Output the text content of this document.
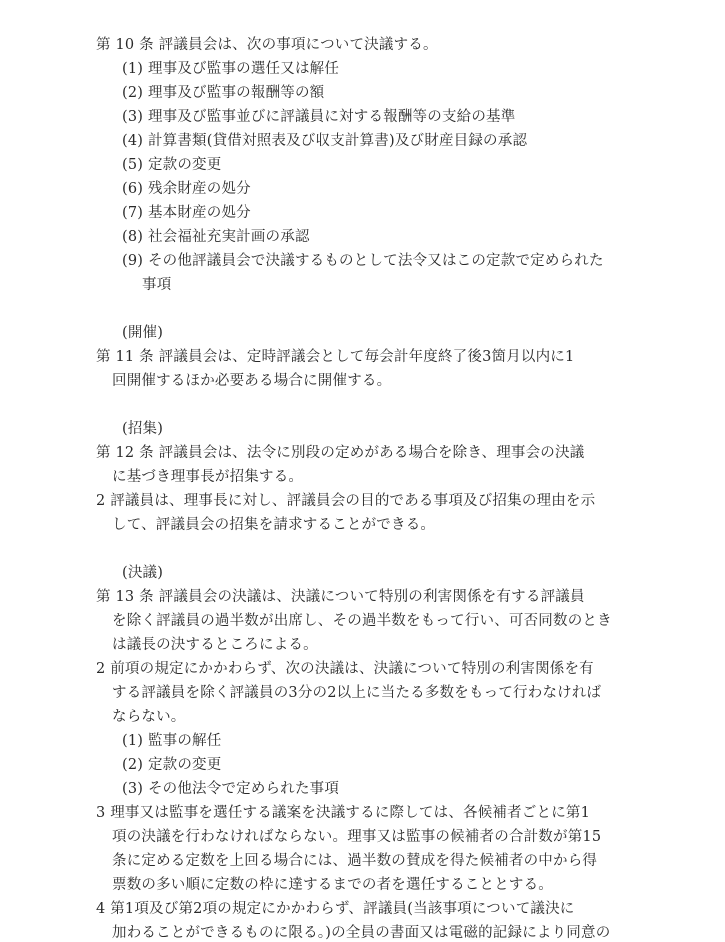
第 10 条 評議員会は、次の事項について決議する。
(1) 理事及び監事の選任又は解任
(2) 理事及び監事の報酬等の額
(3) 理事及び監事並びに評議員に対する報酬等の支給の基準
(4) 計算書類(貸借対照表及び収支計算書)及び財産目録の承認
(5) 定款の変更
(6) 残余財産の処分
(7) 基本財産の処分
(8) 社会福祉充実計画の承認
(9) その他評議員会で決議するものとして法令又はこの定款で定められた
事項
(開催)
第 11 条 評議員会は、定時評議会として毎会計年度終了後3箇月以内に1
回開催するほか必要ある場合に開催する。
(招集)
第 12 条 評議員会は、法令に別段の定めがある場合を除き、理事会の決議
に基づき理事長が招集する。
2 評議員は、理事長に対し、評議員会の目的である事項及び招集の理由を示
して、評議員会の招集を請求することができる。
(決議)
第 13 条 評議員会の決議は、決議について特別の利害関係を有する評議員
を除く評議員の過半数が出席し、その過半数をもって行い、可否同数のとき
は議長の決するところによる。
2 前項の規定にかかわらず、次の決議は、決議について特別の利害関係を有
する評議員を除く評議員の3分の2以上に当たる多数をもって行わなければ
ならない。
(1) 監事の解任
(2) 定款の変更
(3) その他法令で定められた事項
3 理事又は監事を選任する議案を決議するに際しては、各候補者ごとに第1
項の決議を行わなければならない。理事又は監事の候補者の合計数が第15
条に定める定数を上回る場合には、過半数の賛成を得た候補者の中から得
票数の多い順に定数の枠に達するまでの者を選任することとする。
4 第1項及び第2項の規定にかかわらず、評議員(当該事項について議決に
加わることができるものに限る。)の全員の書面又は電磁的記録により同意の
